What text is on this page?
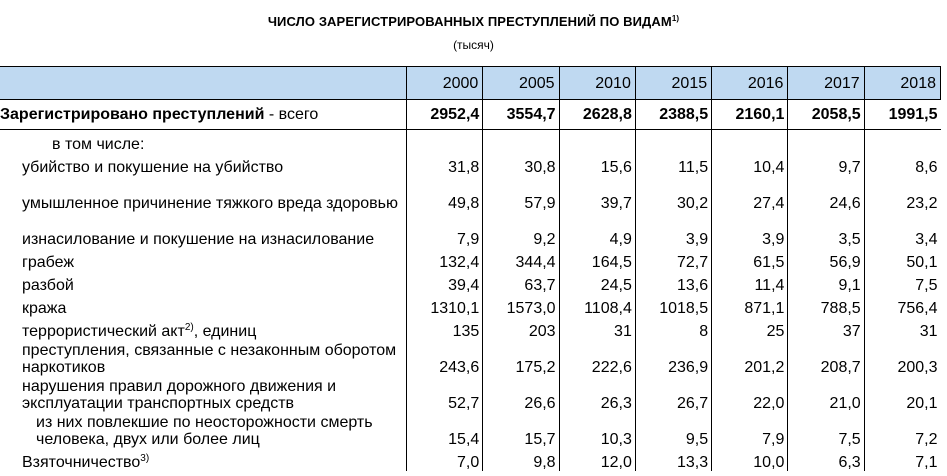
ЧИСЛО ЗАРЕГИСТРИРОВАННЫХ ПРЕСТУПЛЕНИЙ ПО ВИДАМ$^{1)}$
(тысяч)
	2000	2005	2010	2015	2016	2017	2018
Зарегистрировано преступлений - всего	2952,4	3554,7	2628,8	2388,5	2160,1	2058,5	1991,5
в том числе:							
убийство и покушение на убийство	31,8	30,8	15,6	11,5	10,4	9,7	8,6
умышленное причинение тяжкого вреда здоровью	49,8	57,9	39,7	30,2	27,4	24,6	23,2
изнасилование и покушение на изнасилование	7,9	9,2	4,9	3,9	3,9	3,5	3,4
грабеж	132,4	344,4	164,5	72,7	61,5	56,9	50,1
разбой	39,4	63,7	24,5	13,6	11,4	9,1	7,5
кража	1310,1	1573,0	1108,4	1018,5	871,1	788,5	756,4
террористический акт$^{2)}$, единиц	135	203	31	8	25	37	31
преступления, связанные с незаконным оборотом наркотиков	243,6	175,2	222,6	236,9	201,2	208,7	200,3
нарушения правил дорожного движения и эксплуатации транспортных средств	52,7	26,6	26,3	26,7	22,0	21,0	20,1
из них повлекшие по неосторожности смерть человека, двух или более лиц	15,4	15,7	10,3	9,5	7,9	7,5	7,2
Взяточничество$^{3)}$	7,0	9,8	12,0	13,3	10,0	6,3	7,1
